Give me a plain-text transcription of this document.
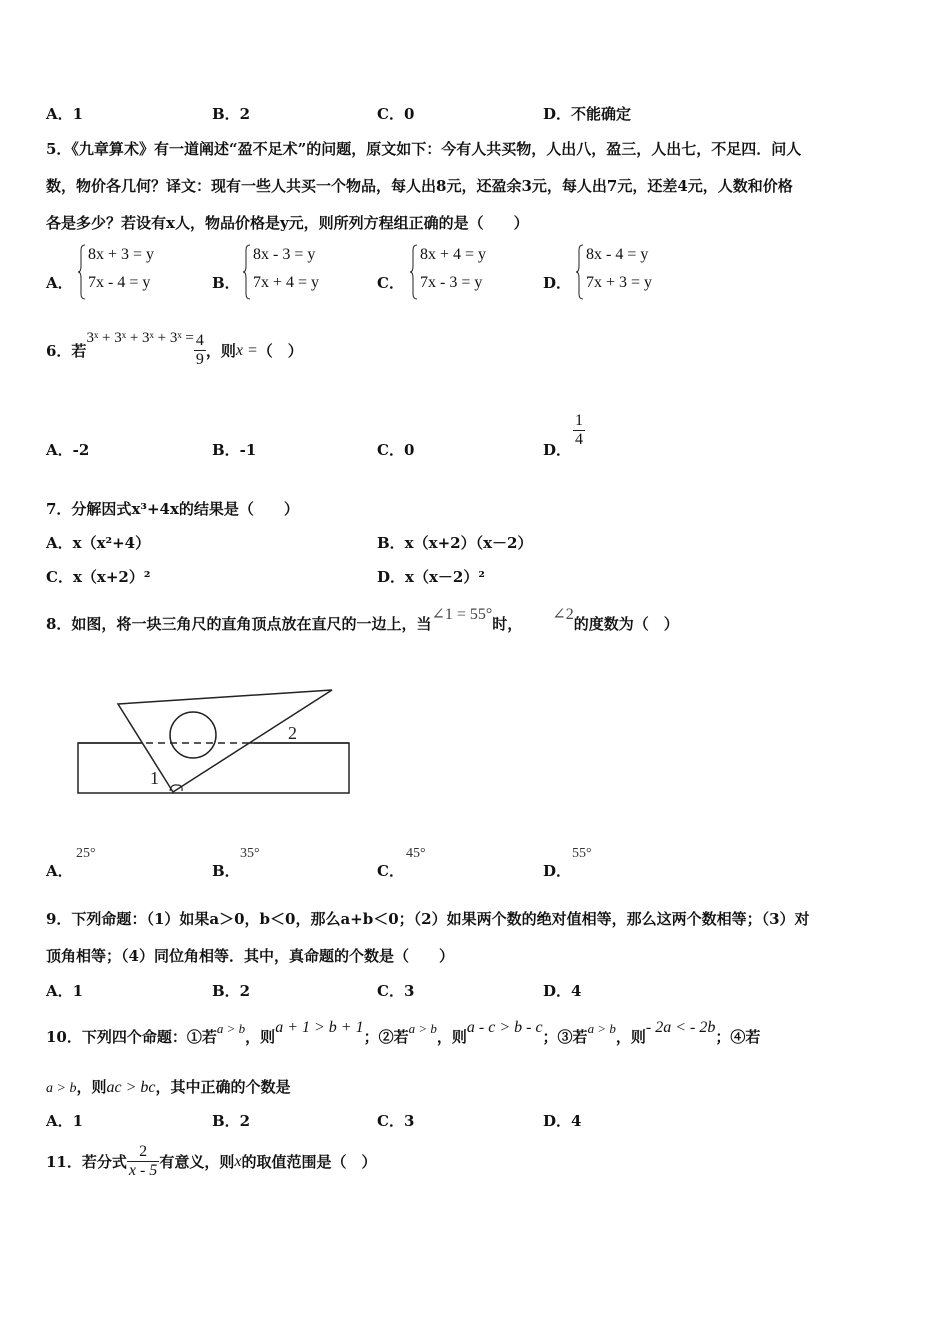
A．1	B．2	C．0	D．不能确定
5．《九章算术》有一道阐述“盈不足术”的问题，原文如下：今有人共买物，人出八，盈三，人出七，不足四．问人
数，物价各几何？译文：现有一些人共买一个物品，每人出8元，还盈余3元，每人出7元，还差4元，人数和价格
各是多少？若设有x人，物品价格是y元，则所列方程组正确的是（　　）
A．
8x + 3 = y
7x - 4 = y	B．
8x - 3 = y
7x + 4 = y	C．
8x + 4 = y
7x - 3 = y	D．
8x - 4 = y
7x + 3 = y
6．若
3ˣ + 3ˣ + 3ˣ + 3ˣ = $\frac{4}{9}$ ，则 x = （　）
A．-2	B．-1	C．0	D．
$\frac{1}{4}$
7．分解因式x³+4x的结果是（　　）
A．x（x²+4）	B．x（x+2）（x－2）
C．x（x+2）²	D．x（x－2）²
8．如图，将一块三角尺的直角顶点放在直尺的一边上，当
∠1 = 55°
时，
∠2
的度数为（　）
1
2
A．
25°
B．
35°
C．
45°
D．
55°
9．下列命题：（1）如果a＞0，b＜0，那么a+b＜0；（2）如果两个数的绝对值相等，那么这两个数相等；（3）对
顶角相等；（4）同位角相等．其中，真命题的个数是（　　）
A．1	B．2	C．3	D．4
10．下列四个命题：①若 a > b ，则
a + 1 > b + 1
；②若 a > b ，则
a - c > b - c
；③若 a > b ，则
- 2a < - 2b
；④若
a > b ，则 ac > bc ，其中正确的个数是
A．1	B．2	C．3	D．4
11．若分式 $\frac{2}{x - 5}$ 有意义，则 x 的取值范围是（　）
